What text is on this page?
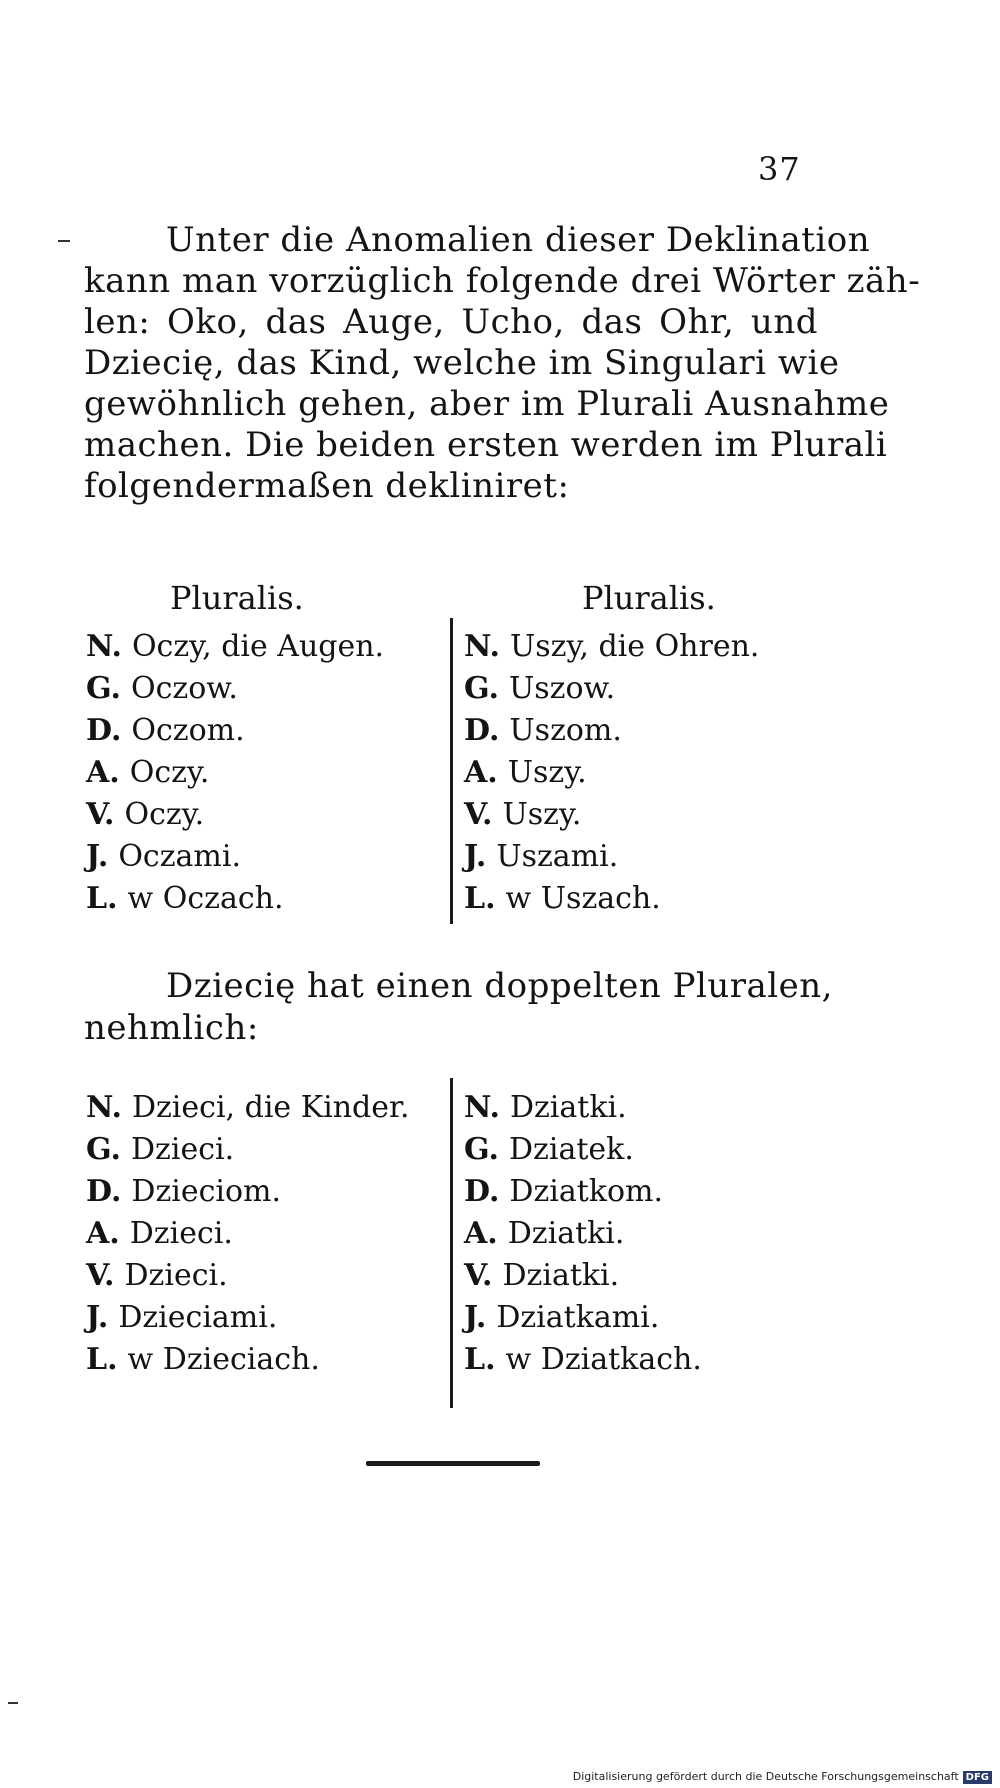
37
Unter die Anomalien dieser Deklination
kann man vorzüglich folgende drei Wörter zäh-
len: Oko, das Auge, Ucho, das Ohr, und
Dziecię, das Kind, welche im Singulari wie
gewöhnlich gehen, aber im Plurali Ausnahme
machen. Die beiden ersten werden im Plurali
folgendermaßen dekliniret:
Pluralis.	Pluralis.
N. Oczy, die Augen.
G. Oczow.
D. Oczom.
A. Oczy.
V. Oczy.
J. Oczami.
L. w Oczach.
N. Uszy, die Ohren.
G. Uszow.
D. Uszom.
A. Uszy.
V. Uszy.
J. Uszami.
L. w Uszach.
Dziecię hat einen doppelten Pluralen,
nehmlich:
N. Dzieci, die Kinder.
G. Dzieci.
D. Dzieciom.
A. Dzieci.
V. Dzieci.
J. Dzieciami.
L. w Dzieciach.
N. Dziatki.
G. Dziatek.
D. Dziatkom.
A. Dziatki.
V. Dziatki.
J. Dziatkami.
L. w Dziatkach.
Digitalisierung gefördert durch die Deutsche Forschungsgemeinschaft DFG
